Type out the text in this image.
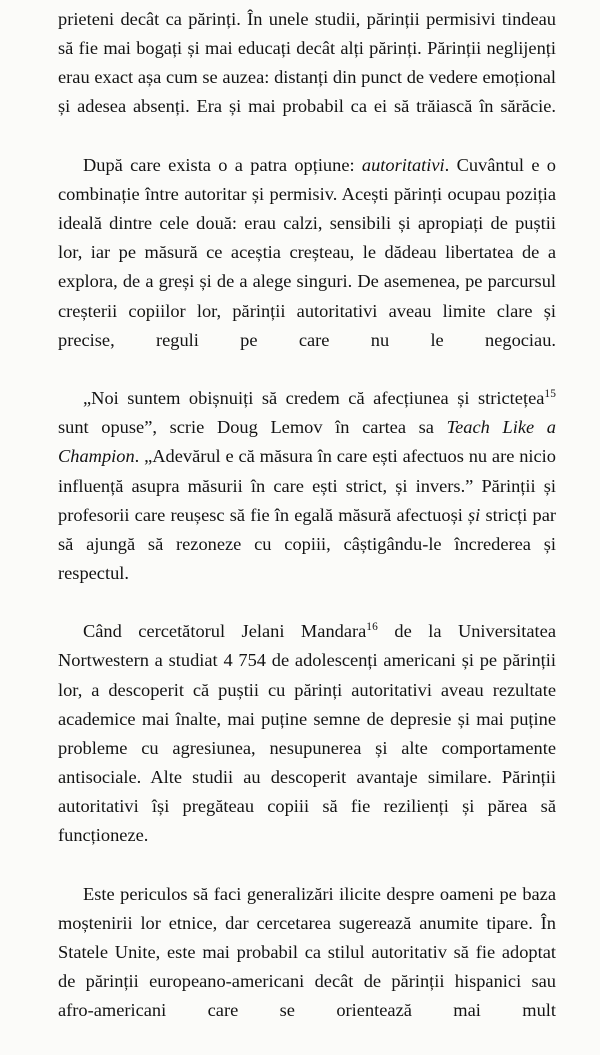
prieteni decât ca părinți. În unele studii, părinții permisivi tindeau să fie mai bogați și mai educați decât alți părinți. Părinții neglijenți erau exact așa cum se auzea: distanți din punct de vedere emoțional și adesea absenți. Era și mai probabil ca ei să trăiască în sărăcie.

După care exista o a patra opțiune: autoritativi. Cuvântul e o combinație între autoritar și permisiv. Acești părinți ocupau poziția ideală dintre cele două: erau calzi, sensibili și apropiați de puștii lor, iar pe măsură ce aceștia creșteau, le dădeau libertatea de a explora, de a greși și de a alege singuri. De asemenea, pe parcursul creșterii copiilor lor, părinții autoritativi aveau limite clare și precise, reguli pe care nu le negociau.

„Noi suntem obișnuiți să credem că afecțiunea și strictețea$^{15}$ sunt opuse”, scrie Doug Lemov în cartea sa Teach Like a Champion. „Adevărul e că măsura în care ești afectuos nu are nicio influență asupra măsurii în care ești strict, și invers.” Părinții și profesorii care reușesc să fie în egală măsură afectuoși și stricți par să ajungă să rezoneze cu copiii, câștigându-le încrederea și respectul.

Când cercetătorul Jelani Mandara$^{16}$ de la Universitatea Nortwestern a studiat 4 754 de adolescenți americani și pe părinții lor, a descoperit că puștii cu părinți autoritativi aveau rezultate academice mai înalte, mai puține semne de depresie și mai puține probleme cu agresiunea, nesupunerea și alte comportamente antisociale. Alte studii au descoperit avantaje similare. Părinții autoritativi își pregăteau copiii să fie rezilienți și părea să funcționeze.

Este periculos să faci generalizări ilicite despre oameni pe baza moștenirii lor etnice, dar cercetarea sugerează anumite tipare. În Statele Unite, este mai probabil ca stilul autoritativ să fie adoptat de părinții europeano-americani decât de părinții hispanici sau afro-americani care se orientează mai mult
